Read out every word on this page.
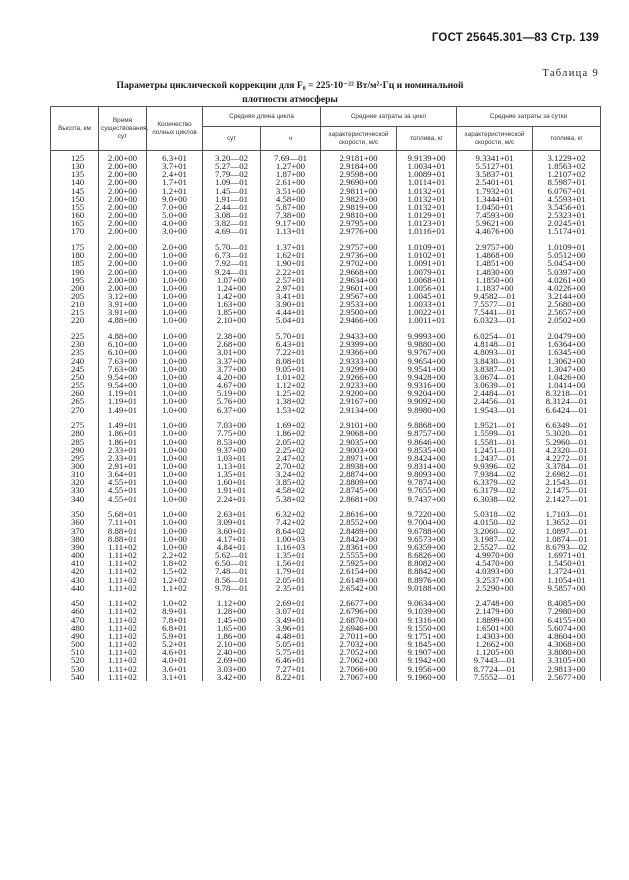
ГОСТ 25645.301—83 Стр. 139
Таблица 9
Параметры циклической коррекции для F₀ = 225·10⁻²² Вт/м²·Гц и номинальной
плотности атмосферы
Высота, км	Время существования, сут	Количество полных циклов	Средняя длина цикла		Средние затраты за цикл		Средние затраты за сутки	
			сут	ч	характеристической скорости, м/с	топлива, кг	характеристической скорости, м/с	топлива, кг
125	2.00+00	6.3+01	3.20—02	7.69—01	2.9181+00	9.9139+00	9.3341+01	3.1229+02
130	2.00+00	3.7+01	5.27—02	1.27+00	2.9184+00	1.0034+01	5.5127+01	1.8563+02
135	2.00+00	2.4+01	7.79—02	1.87+00	2.9598+00	1.0089+01	3.5837+01	1.2107+02
140	2.00+00	1.7+01	1.09—01	2.61+00	2.9690+00	1.0114+01	2.5401+01	8.5987+01
145	2.00+00	1.2+01	1.45—01	3.51+00	2.9811+00	1.0132+01	1.7932+01	6.0767+01
150	2.00+00	9.0+00	1.91—01	4.58+00	2.9823+00	1.0132+01	1.3444+01	4.5593+01
155	2.00+00	7.0+00	2.44—01	5.87+00	2.9819+00	1.0132+01	1.0450+01	3.5456+01
160	2.00+00	5.0+00	3.08—01	7.38+00	2.9810+00	1.0129+01	7.4593+00	2.5323+01
165	2.00+00	4.0+00	3.82—01	9.17+00	2.9795+00	1.0123+01	5.9621+00	2.0245+01
170	2.00+00	3.0+00	4.69—01	1.13+01	2.9776+00	1.0116+01	4.4676+00	1.5174+01

175	2.00+00	2.0+00	5.70—01	1.37+01	2.9757+00	1.0109+01	2.9757+00	1.0109+01
180	2.00+00	1.0+00	6.73—01	1.62+01	2.9736+00	1.0102+01	1.4868+00	5.0512+00
185	2.00+00	1.0+00	7.92—01	1.90+01	2.9702+00	1.0091+01	1.4851+00	5.0454+00
190	2.00+00	1.0+00	9.24—01	2.22+01	2.9668+00	1.0079+01	1.4830+00	5.0397+00
195	2.00+00	1.0+00	1.07+00	2.57+01	2.9634+00	1.0068+01	1.1850+00	4.0261+00
200	2.00+00	1.0+00	1.24+00	2.97+01	2.9601+00	1.0056+01	1.1837+00	4.0226+00
205	3.12+00	1.0+00	1.42+00	3.41+01	2.9567+00	1.0045+01	9.4582—01	3.2144+00
210	3.91+00	1.0+00	1.63+00	3.90+01	2.9533+00	1.0033+01	7.5577—01	2.5680+00
215	3.91+00	1.0+00	1.85+00	4.44+01	2.9500+00	1.0022+01	7.5441—01	2.5657+00
220	4.88+00	1.0+00	2.10+00	5.04+01	2.9466+00	1.0011+01	6.0323—01	2.0502+00

225	4.88+00	1.0+00	2.38+00	5.70+01	2.9433+00	9.9993+00	6.0254—01	2.0479+00
230	6.10+00	1.0+00	2.68+00	6.43+01	2.9399+00	9.9880+00	4.8148—01	1.6364+00
235	6.10+00	1.0+00	3.01+00	7.22+01	2.9366+00	9.9767+00	4.8093—01	1.6345+00
240	7.63+00	1.0+00	3.37+00	8.08+01	2.9333+00	9.9654+00	3.8430—01	1.3062+00
245	7.63+00	1.0+00	3.77+00	9.05+01	2.9299+00	9.9541+00	3.8387—01	1.3047+00
250	9.54+00	1.0+00	4.20+00	1.01+02	2.9266+00	9.9428+00	3.0674—01	1.0426+00
255	9.54+00	1.0+00	4.67+00	1.12+02	2.9233+00	9.9316+00	3.0639—01	1.0414+00
260	1.19+01	1.0+00	5.19+00	1.25+02	2.9200+00	9.9204+00	2.4484—01	8.3218—01
265	1.19+01	1.0+00	5.76+00	1.38+02	2.9167+00	9.9092+00	2.4456—01	8.3124—01
270	1.49+01	1.0+00	6.37+00	1.53+02	2.9134+00	9.8980+00	1.9543—01	6.6424—01

275	1.49+01	1.0+00	7.03+00	1.69+02	2.9101+00	9.8868+00	1.9521—01	6.6349—01
280	1.86+01	1.0+00	7.75+00	1.86+02	2.9068+00	9.8757+00	1.5599—01	5.3020—01
285	1.86+01	1.0+00	8.53+00	2.05+02	2.9035+00	9.8646+00	1.5581—01	5.2960—01
290	2.33+01	1.0+00	9.37+00	2.25+02	2.9003+00	9.8535+00	1.2451—01	4.2320—01
295	2.33+01	1.0+00	1.03+01	2.47+02	2.8971+00	9.8424+00	1.2437—01	4.2272—01
300	2.91+01	1.0+00	1.13+01	2.70+02	2.8938+00	9.8314+00	9.9396—02	3.3784—01
310	3.64+01	1.0+00	1.35+01	3.24+02	2.8874+00	9.8093+00	7.9384—02	2.6982—01
320	4.55+01	1.0+00	1.60+01	3.85+02	2.8809+00	9.7874+00	6.3379—02	2.1543—01
330	4.55+01	1.0+00	1.91+01	4.58+02	2.8745+00	9.7655+00	6.3179—02	2.1475—01
340	4.55+01	1.0+00	2.24+01	5.38+02	2.8681+00	9.7437+00	6.3038—02	2.1427—01

350	5.68+01	1.0+00	2.63+01	6.32+02	2.8616+00	9.7220+00	5.0318—02	1.7103—01
360	7.11+01	1.0+00	3.09+01	7.42+02	2.8552+00	9.7004+00	4.0150—02	1.3652—01
370	8.88+01	1.0+00	3.60+01	8.64+02	2.8489+00	9.6788+00	3.2060—02	1.0897—01
380	8.88+01	1.0+00	4.17+01	1.00+03	2.8424+00	9.6573+00	3.1987—02	1.0874—01
390	1.11+02	1.0+00	4.84+01	1.16+03	2.8361+00	9.6359+00	2.5527—02	8.6793—02
400	1.11+02	2.2+02	5.62—01	1.35+01	2.5555+00	8.6826+00	4.9970+00	1.6971+01
410	1.11+02	1.8+02	6.50—01	1.56+01	2.5925+00	8.8082+00	4.5470+00	1.5450+01
420	1.11+02	1.5+02	7.48—01	1.79+01	2.6154+00	8.8842+00	4.0393+00	1.3724+01
430	1.11+02	1.2+02	8.56—01	2.05+01	2.6149+00	8.8976+00	3.2537+00	1.1054+01
440	1.11+02	1.1+02	9.78—01	2.35+01	2.6542+00	9.0188+00	2.5290+00	9.5857+00

450	1.11+02	1.0+02	1.12+00	2.69+01	2.6677+00	9.0634+00	2.4748+00	8.4085+00
460	1.11+02	8.9+01	1.28+00	3.07+01	2.6796+00	9.1039+00	2.1479+00	7.2980+00
470	1.11+02	7.8+01	1.45+00	3.49+01	2.6870+00	9.1316+00	1.8899+00	6.4155+00
480	1.11+02	6.8+01	1.65+00	3.96+01	2.6946+00	9.1550+00	1.6501+00	5.6074+00
490	1.11+02	5.9+01	1.86+00	4.48+01	2.7011+00	9.1751+00	1.4303+00	4.8604+00
500	1.11+02	5.2+01	2.10+00	5.05+01	2.7032+00	9.1845+00	1.2662+00	4.3068+00
510	1.11+02	4.6+01	2.40+00	5.75+01	2.7052+00	9.1907+00	1.1205+00	3.8080+00
520	1.11+02	4.0+01	2.69+00	6.46+01	2.7062+00	9.1942+00	9.7443—01	3.3105+00
530	1.11+02	3.6+01	3.03+00	7.27+01	2.7066+00	9.1956+00	8.7724—01	2.9813+00
540	1.11+02	3.1+01	3.42+00	8.22+01	2.7067+00	9.1960+00	7.5552—01	2.5677+00
